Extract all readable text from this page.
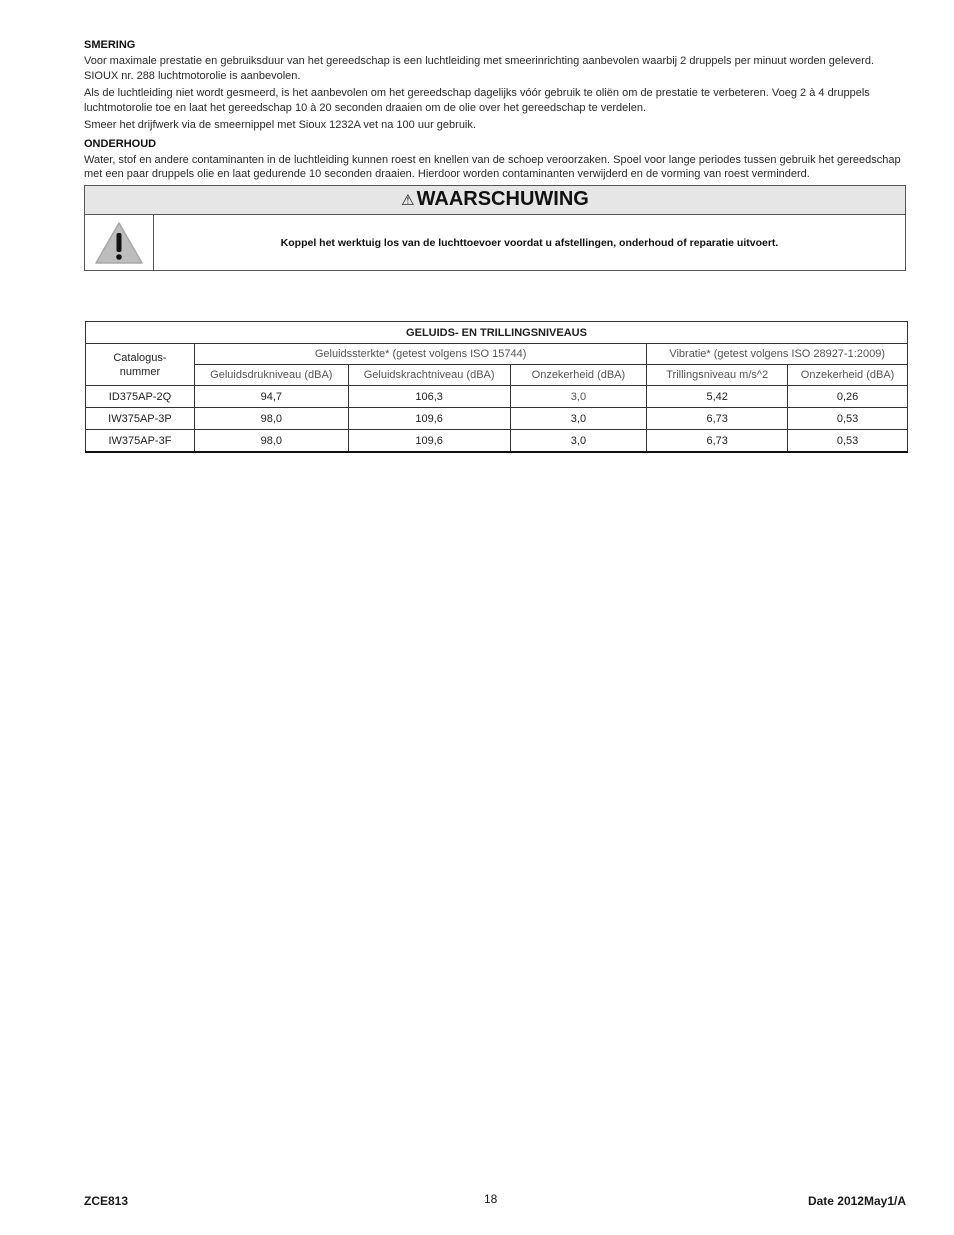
SMERING

Voor maximale prestatie en gebruiksduur van het gereedschap is een luchtleiding met smeerinrichting aanbevolen waarbij 2 druppels per minuut worden geleverd. SIOUX nr. 288 luchtmotorolie is aanbevolen.

Als de luchtleiding niet wordt gesmeerd, is het aanbevolen om het gereedschap dagelijks vóór gebruik te oliën om de prestatie te verbeteren. Voeg 2 à 4 druppels luchtmotorolie toe en laat het gereedschap 10 à 20 seconden draaien om de olie over het gereedschap te verdelen.

Smeer het drijfwerk via de smeernippel met Sioux 1232A vet na 100 uur gebruik.

ONDERHOUD

Water, stof en andere contaminanten in de luchtleiding kunnen roest en knellen van de schoep veroorzaken. Spoel voor lange periodes tussen gebruik het gereedschap met een paar druppels olie en laat gedurende 10 seconden draaien. Hierdoor worden contaminanten verwijderd en de vorming van roest verminderd.

⚠ WAARSCHUWING
Koppel het werktuig los van de luchttoevoer voordat u afstellingen, onderhoud of reparatie uitvoert.
GELUIDS- EN TRILLINGSNIVEAUS					
Catalogus-nummer	Geluidssterkte* (getest volgens ISO 15744)			Vibratie* (getest volgens ISO 28927-1:2009)	
	Geluidsdrukniveau (dBA)	Geluidskrachtniveau (dBA)	Onzekerheid (dBA)	Trillingsniveau m/s^2	Onzekerheid (dBA)
ID375AP-2Q	94,7	106,3	3,0	5,42	0,26
IW375AP-3P	98,0	109,6	3,0	6,73	0,53
IW375AP-3F	98,0	109,6	3,0	6,73	0,53
ZCE813	18	Date 2012May1/A
